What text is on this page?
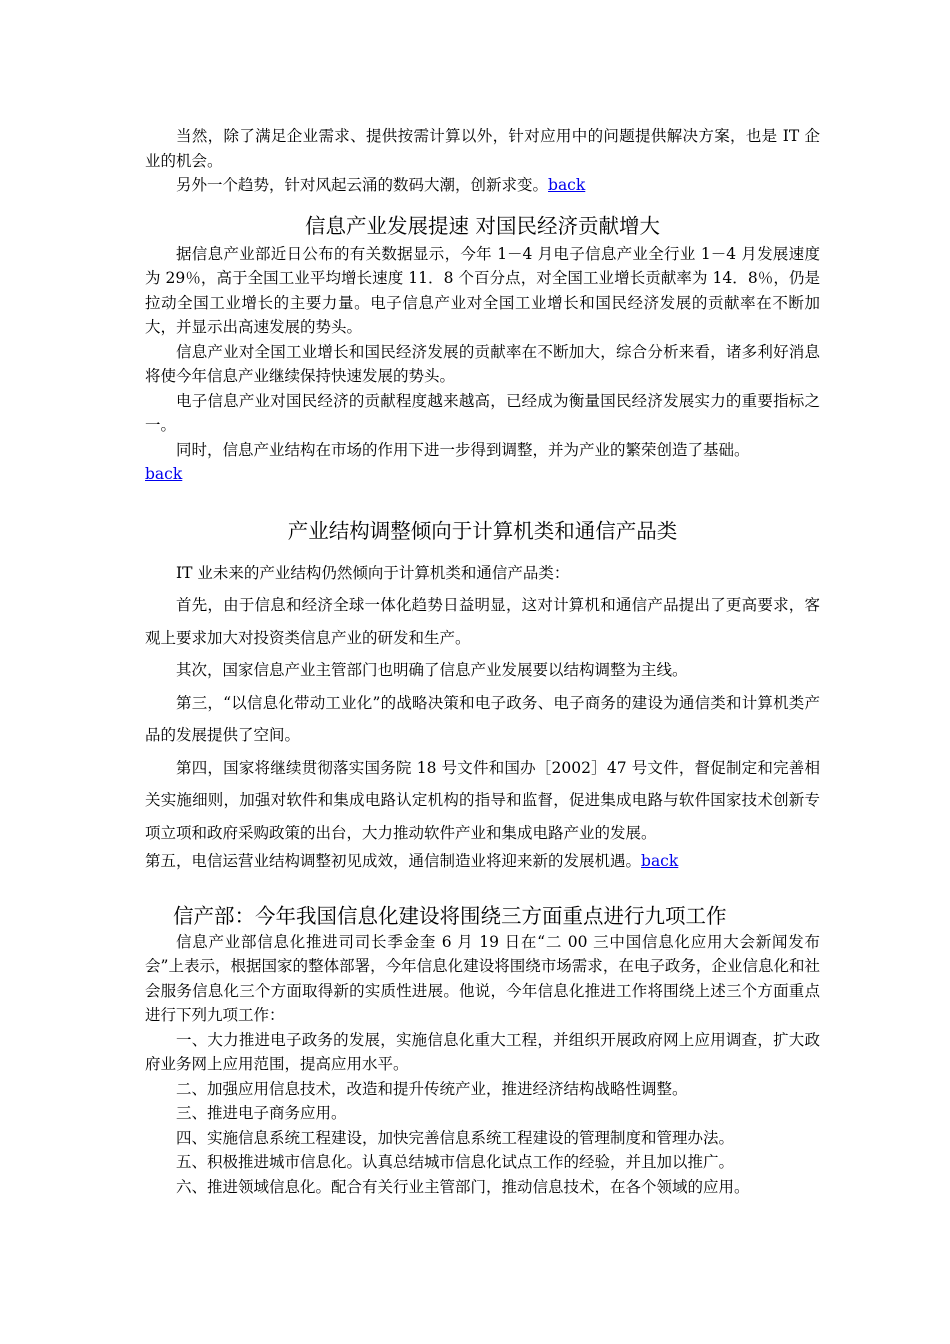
当然，除了满足企业需求、提供按需计算以外，针对应用中的问题提供解决方案，也是 IT 企业的机会。

另外一个趋势，针对风起云涌的数码大潮，创新求变。back

信息产业发展提速 对国民经济贡献增大

据信息产业部近日公布的有关数据显示，今年 1－4 月电子信息产业全行业 1－4 月发展速度为 29％，高于全国工业平均增长速度 11．8 个百分点，对全国工业增长贡献率为 14．8％，仍是拉动全国工业增长的主要力量。电子信息产业对全国工业增长和国民经济发展的贡献率在不断加大，并显示出高速发展的势头。

信息产业对全国工业增长和国民经济发展的贡献率在不断加大，综合分析来看，诸多利好消息将使今年信息产业继续保持快速发展的势头。

电子信息产业对国民经济的贡献程度越来越高，已经成为衡量国民经济发展实力的重要指标之一。

同时，信息产业结构在市场的作用下进一步得到调整，并为产业的繁荣创造了基础。

back

产业结构调整倾向于计算机类和通信产品类

IT 业未来的产业结构仍然倾向于计算机类和通信产品类：

首先，由于信息和经济全球一体化趋势日益明显，这对计算机和通信产品提出了更高要求，客观上要求加大对投资类信息产业的研发和生产。

其次，国家信息产业主管部门也明确了信息产业发展要以结构调整为主线。

第三，“以信息化带动工业化”的战略决策和电子政务、电子商务的建设为通信类和计算机类产品的发展提供了空间。

第四，国家将继续贯彻落实国务院 18 号文件和国办［2002］47 号文件，督促制定和完善相关实施细则，加强对软件和集成电路认定机构的指导和监督，促进集成电路与软件国家技术创新专项立项和政府采购政策的出台，大力推动软件产业和集成电路产业的发展。

第五，电信运营业结构调整初见成效，通信制造业将迎来新的发展机遇。back

信产部：今年我国信息化建设将围绕三方面重点进行九项工作

信息产业部信息化推进司司长季金奎 6 月 19 日在“二 00 三中国信息化应用大会新闻发布会”上表示，根据国家的整体部署，今年信息化建设将围绕市场需求，在电子政务，企业信息化和社会服务信息化三个方面取得新的实质性进展。他说，今年信息化推进工作将围绕上述三个方面重点进行下列九项工作：

一、大力推进电子政务的发展，实施信息化重大工程，并组织开展政府网上应用调查，扩大政府业务网上应用范围，提高应用水平。

二、加强应用信息技术，改造和提升传统产业，推进经济结构战略性调整。

三、推进电子商务应用。

四、实施信息系统工程建设，加快完善信息系统工程建设的管理制度和管理办法。

五、积极推进城市信息化。认真总结城市信息化试点工作的经验，并且加以推广。

六、推进领域信息化。配合有关行业主管部门，推动信息技术，在各个领域的应用。
